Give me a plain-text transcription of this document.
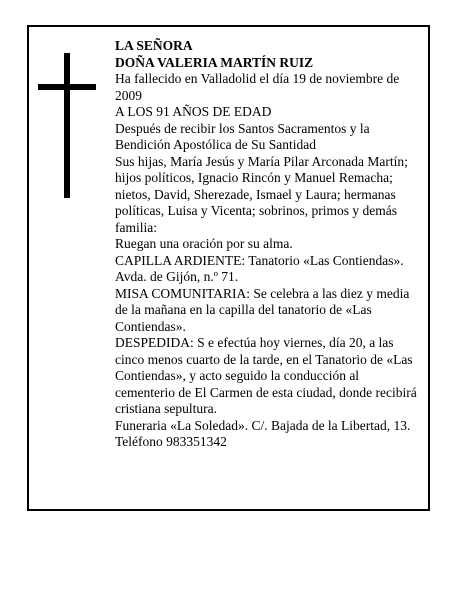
LA SEÑORA

DOÑA VALERIA MARTÍN RUIZ

Ha fallecido en Valladolid el día 19 de noviembre de 2009

A LOS 91 AÑOS DE EDAD

Después de recibir los Santos Sacramentos y la Bendición Apostólica de Su Santidad

Sus hijas, María Jesús y María Pilar Arconada Martín; hijos políticos, Ignacio Rincón y Manuel Remacha; nietos, David, Sherezade, Ismael y Laura; hermanas políticas, Luisa y Vicenta; sobrinos, primos y demás familia:

Ruegan una oración por su alma.

CAPILLA ARDIENTE: Tanatorio «Las Contiendas». Avda. de Gijón, n.º 71.

MISA COMUNITARIA: Se celebra a las diez y media de la mañana en la capilla del tanatorio de «Las Contiendas».

DESPEDIDA: S e efectúa hoy viernes, día 20, a las cinco menos cuarto de la tarde, en el Tanatorio de «Las Contiendas», y acto seguido la conducción al cementerio de El Carmen de esta ciudad, donde recibirá cristiana sepultura.

Funeraria «La Soledad». C/. Bajada de la Libertad, 13. Teléfono 983351342
